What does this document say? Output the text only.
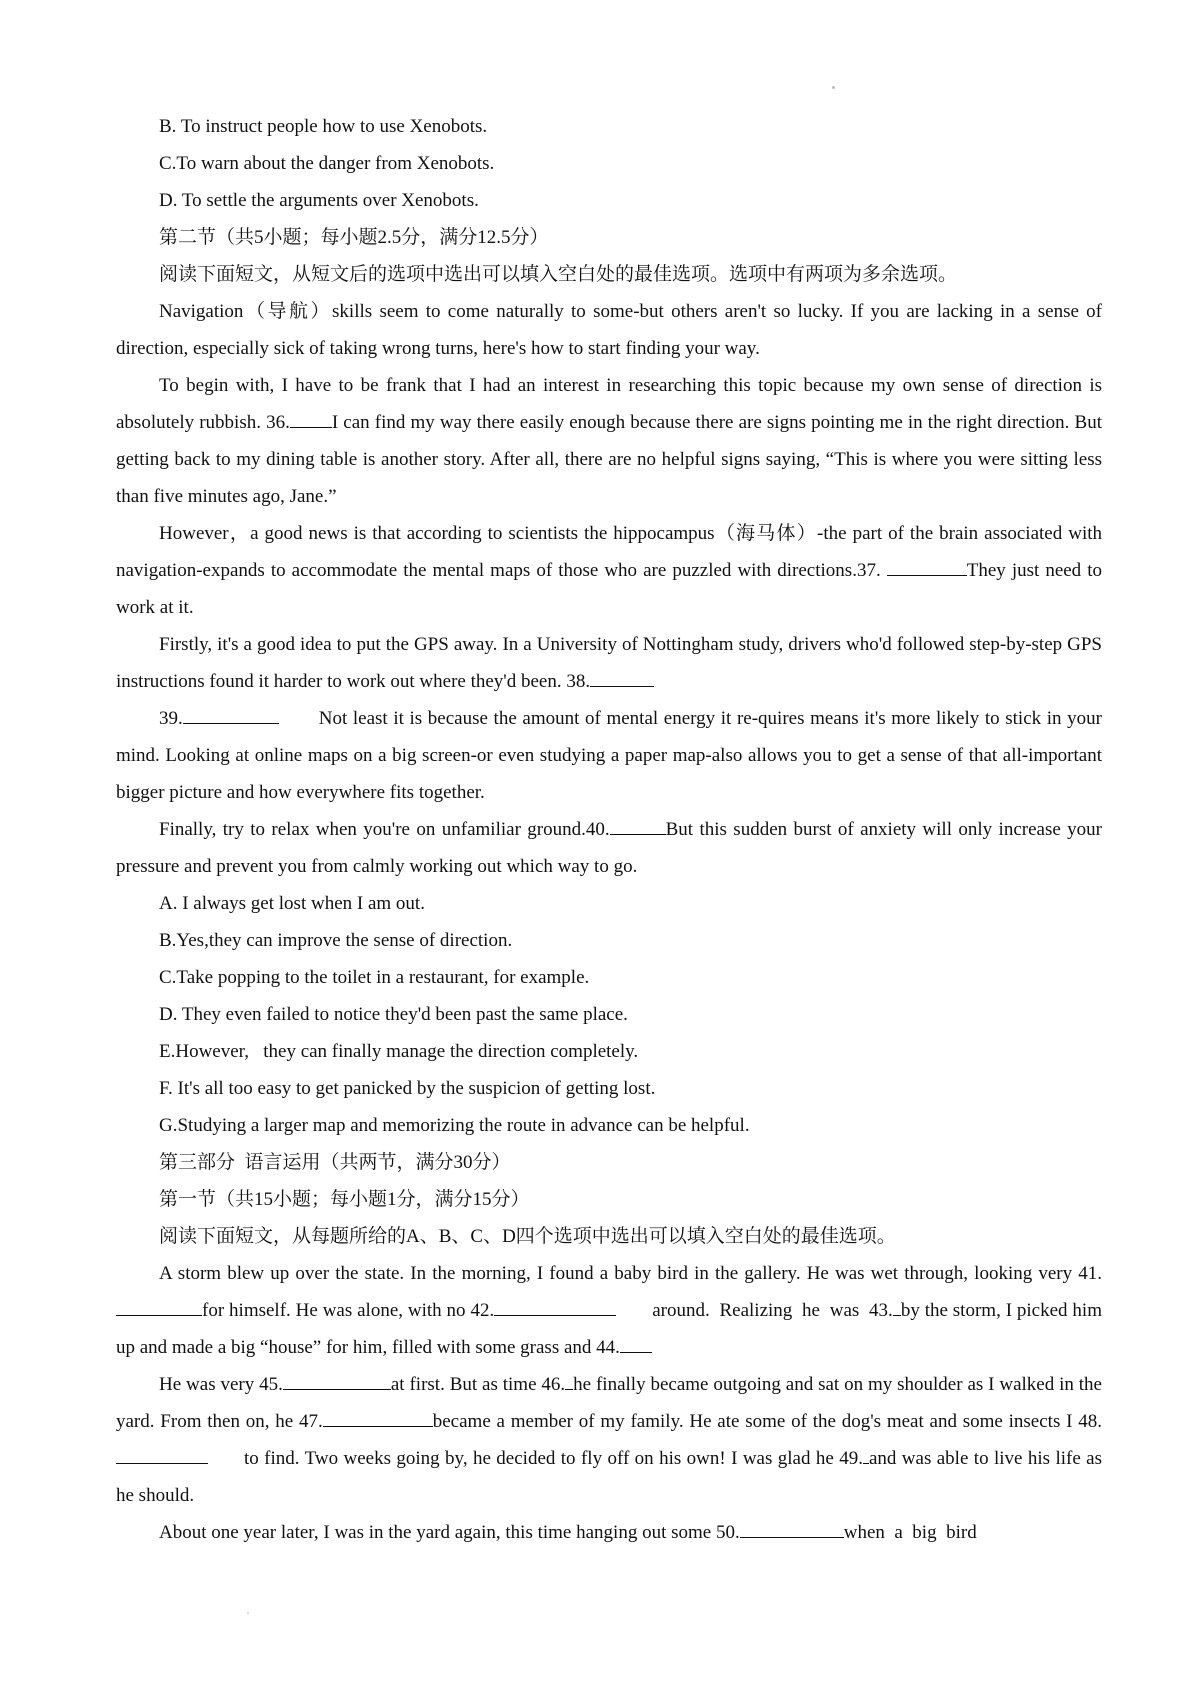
B. To instruct people how to use Xenobots.

C.To warn about the danger from Xenobots.

D. To settle the arguments over Xenobots.

第二节（共5小题；每小题2.5分，满分12.5分）

阅读下面短文，从短文后的选项中选出可以填入空白处的最佳选项。选项中有两项为多余选项。

Navigation（导航）skills seem to come naturally to some-but others aren't so lucky. If you are lacking in a sense of direction, especially sick of taking wrong turns, here's how to start finding your way.

To begin with, I have to be frank that I had an interest in researching this topic because my own sense of direction is absolutely rubbish. 36. I can find my way there easily enough because there are signs pointing me in the right direction. But getting back to my dining table is another story. After all, there are no helpful signs saying, “This is where you were sitting less than five minutes ago, Jane.”

However，a good news is that according to scientists the hippocampus（海马体）-the part of the brain associated with navigation-expands to accommodate the mental maps of those who are puzzled with directions.37.	They just need to work at it.

Firstly, it's a good idea to put the GPS away. In a University of Nottingham study, drivers who'd followed step-by-step GPS instructions found it harder to work out where they'd been. 38.

39.	Not least it is because the amount of mental energy it re-quires means it's more likely to stick in your mind. Looking at online maps on a big screen-or even studying a paper map-also allows you to get a sense of that all-important bigger picture and how everywhere fits together.

Finally, try to relax when you're on unfamiliar ground.40.	But this sudden burst of anxiety will only increase your pressure and prevent you from calmly working out which way to go.

A. I always get lost when I am out.

B.Yes,they can improve the sense of direction.

C.Take popping to the toilet in a restaurant, for example.

D. They even failed to notice they'd been past the same place.

E.However,   they can finally manage the direction completely.

F. It's all too easy to get panicked by the suspicion of getting lost.

G.Studying a larger map and memorizing the route in advance can be helpful.

第三部分  语言运用（共两节，满分30分）

第一节（共15小题；每小题1分，满分15分）

阅读下面短文，从每题所给的A、B、C、D四个选项中选出可以填入空白处的最佳选项。

A storm blew up over the state. In the morning, I found a baby bird in the gallery. He was wet through, looking very 41.for himself. He was alone, with no 42.	around.  Realizing  he  was  43. by the storm, I picked him up and made a big “house” for him, filled with some grass and 44.

He was very 45.	at first. But as time 46. he finally became outgoing and sat on my shoulder as I walked in the yard. From then on, he 47.	became a member of my family. He ate some of the dog's meat and some insects I 48.to find. Two weeks going by, he decided to fly off on his own! I was glad he 49. and was able to live his life as he should.

About one year later, I was in the yard again, this time hanging out some 50.	when  a  big  bird
